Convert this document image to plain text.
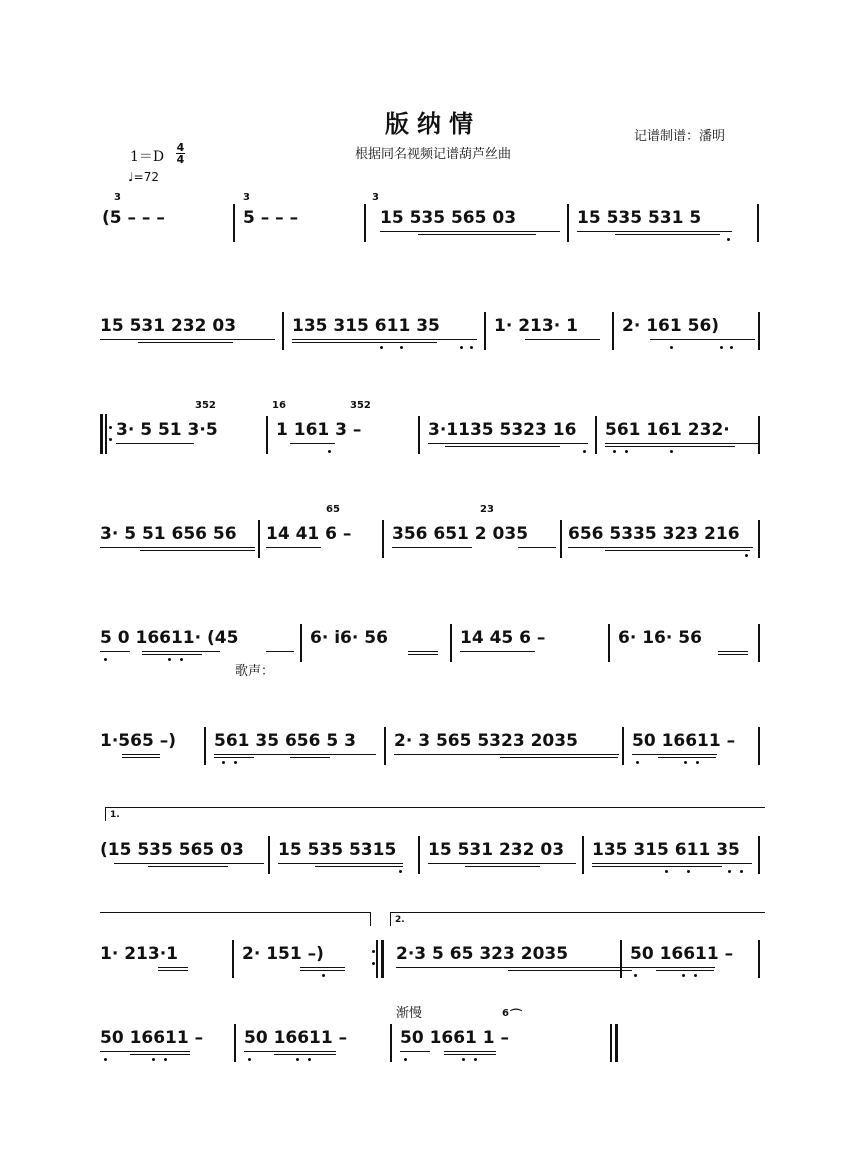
版纳情
根据同名视频记谱葫芦丝曲
记谱制谱：潘明
1＝D
4
4
♩=72
3
(5 – – –
3
5 – – –
3
15 535 565 03	15 535 531 5
15 531 232 03	135 315 611 35	1· 213· 1	2· 161 56)
352
3· 5 51 3·5
16	352
1 161 3 –	3·1135 5323 16 561 161 232·
3· 5 51 656 56
65
14 41 6 –
23
356 651 2 035 656 5335 323 216
5 0 16611· (45	6· i6· 56	14 45 6 –	6· 16· 56
歌声：
1·565 –) 561 35 656 5 3 2· 3 565 5323 2035	50 16611 –
1.
(15 535 565 03 15 535 5315 15 531 232 03 135 315 611 35
2.
1· 213·1	2· 151 –)	2·3 5 65 323 2035	50 16611 –
渐慢
50 16611 – 50 16611 –
6 ⌒
50 1661 1 –
